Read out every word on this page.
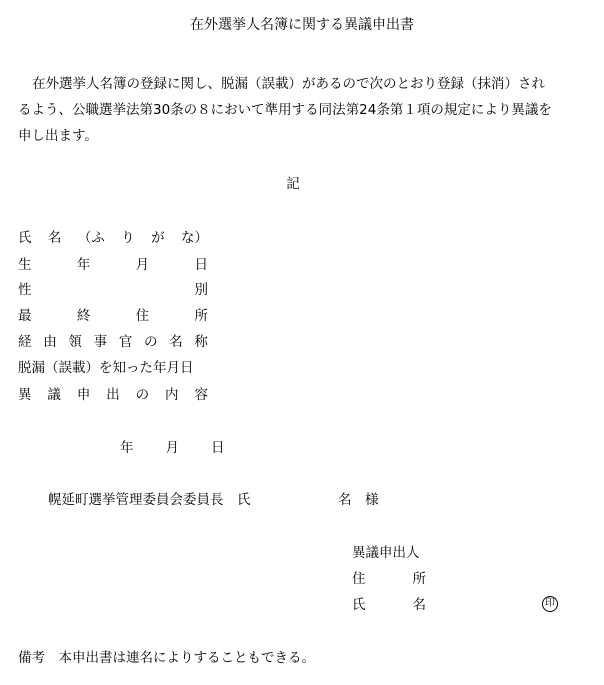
在外選挙人名簿に関する異議申出書
在外選挙人名簿の登録に関し、脱漏（誤載）があるので次のとおり登録（抹消）され
るよう、公職選挙法第30条の８において準用する同法第24条第１項の規定により異議を
申し出ます。
記
氏 名 （ふ り が な）
生	年	月	日
性	別
最	終	住	所
経 由 領 事 官 の 名 称
脱漏（誤載）を知った年月日
異 議 申 出 の 内 容
年 月 日
幌延町選挙管理委員会委員長　氏	名　様
異議申出人
住	所
氏	名	印
備考　本申出書は連名によりすることもできる。
